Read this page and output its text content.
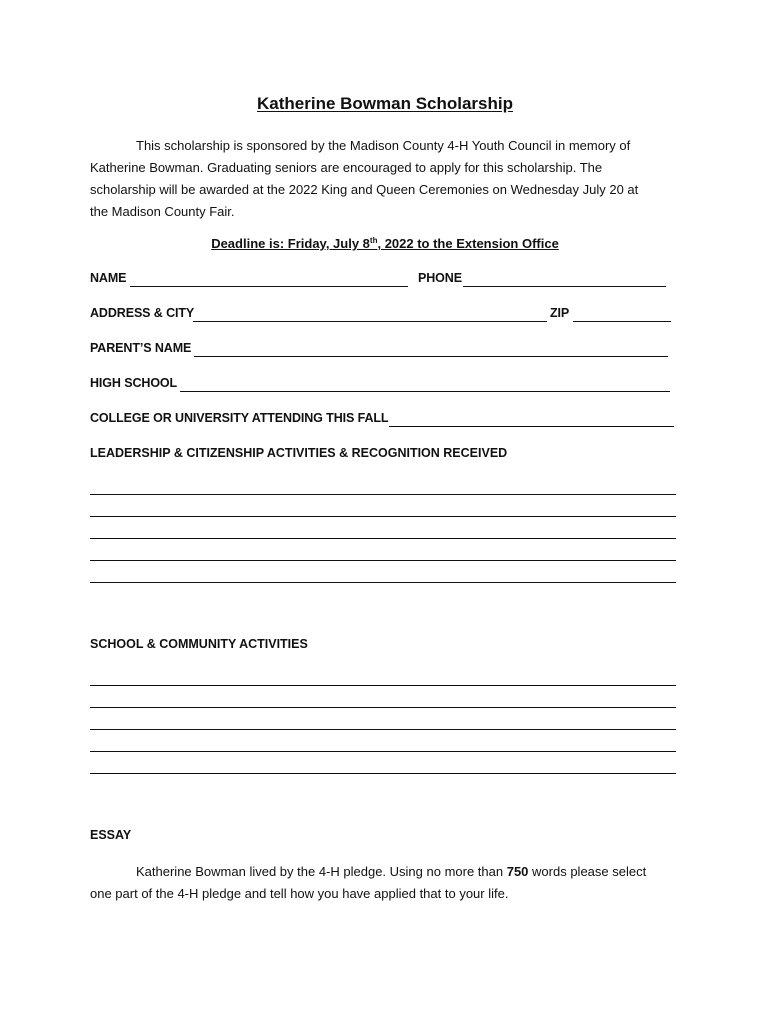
Katherine Bowman Scholarship
This scholarship is sponsored by the Madison County 4-H Youth Council in memory of
Katherine Bowman. Graduating seniors are encouraged to apply for this scholarship. The
scholarship will be awarded at the 2022 King and Queen Ceremonies on Wednesday July 20 at
the Madison County Fair.
Deadline is: Friday, July 8th, 2022 to the Extension Office
NAME	PHONE
ADDRESS & CITY	ZIP
PARENT’S NAME
HIGH SCHOOL
COLLEGE OR UNIVERSITY ATTENDING THIS FALL
LEADERSHIP & CITIZENSHIP ACTIVITIES & RECOGNITION RECEIVED
SCHOOL & COMMUNITY ACTIVITIES
ESSAY
Katherine Bowman lived by the 4-H pledge. Using no more than 750 words please select
one part of the 4-H pledge and tell how you have applied that to your life.
